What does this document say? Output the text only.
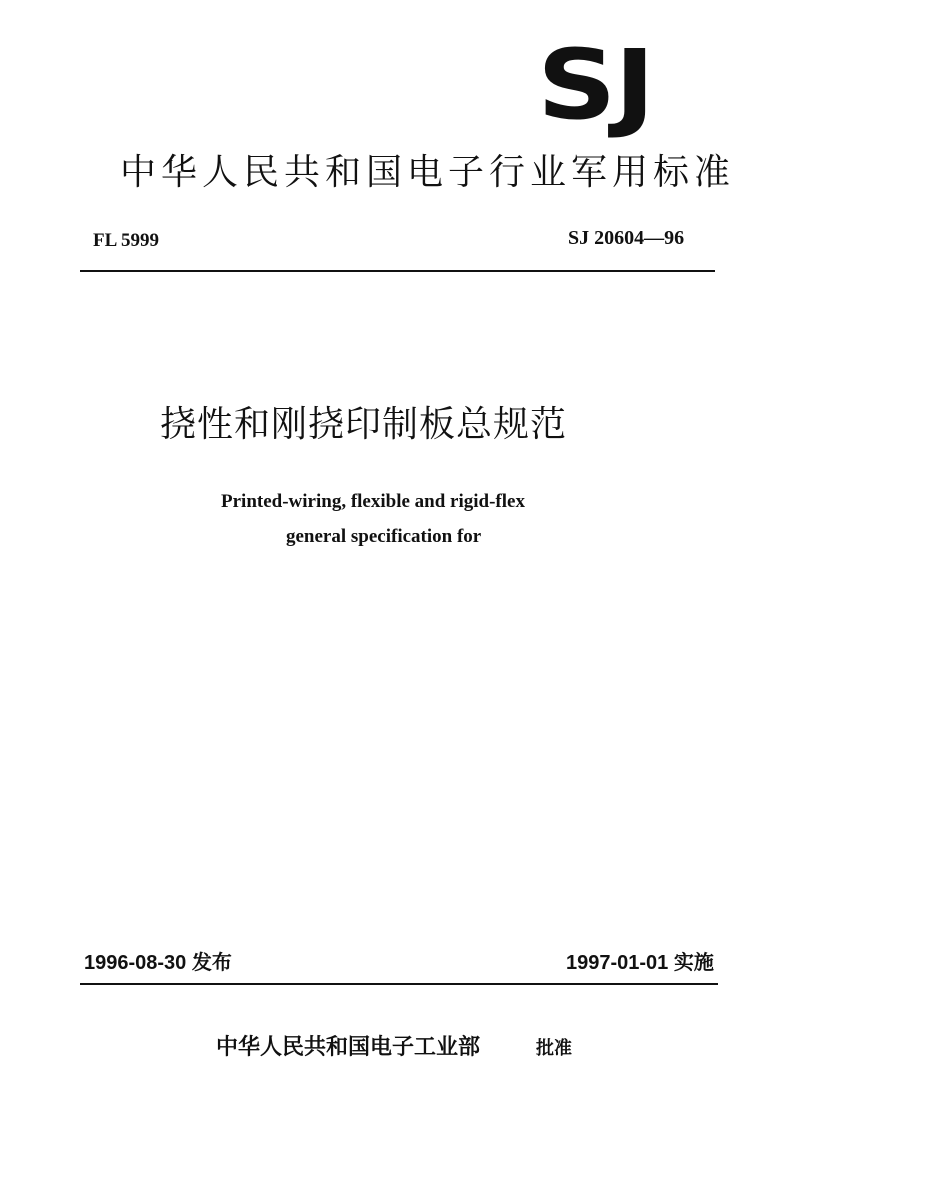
SJ
中华人民共和国电子行业军用标准
FL 5999	SJ 20604—96
挠性和刚挠印制板总规范
Printed-wiring, flexible and rigid-flex
general specification for
1996-08-30 发布	1997-01-01 实施
中华人民共和国电子工业部	批准
